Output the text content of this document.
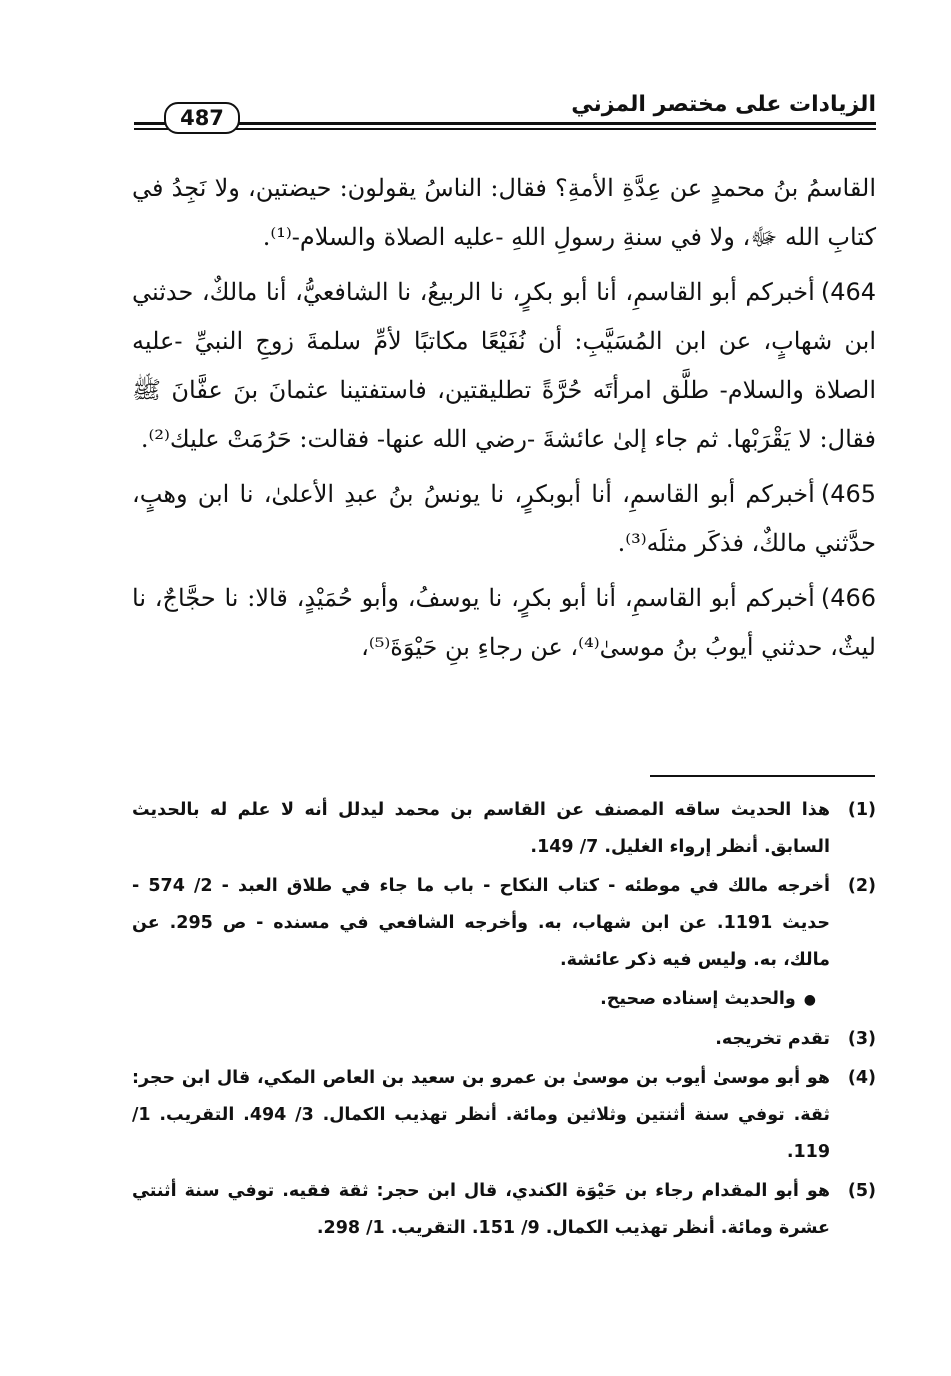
الزيادات على مختصر المزني
487

القاسمُ بنُ محمدٍ عن عِدَّةِ الأمةِ؟ فقال: الناسُ يقولون: حيضتين، ولا نَجِدُ في كتابِ الله ﷻ، ولا في سنةِ رسولِ اللهِ -عليه الصلاة والسلام-⁽¹⁾.

464)أخبركم أبو القاسمِ، أنا أبو بكرٍ، نا الربيعُ، نا الشافعيُّ، أنا مالكٌ، حدثني ابن شهابٍ، عن ابن المُسَيَّبِ: أن نُفَيْعًا مكاتبًا لأمِّ سلمةَ زوجِ النبيِّ -عليه الصلاة والسلام- طلَّق امرأتَه حُرَّةً تطليقتين، فاستفتينا عثمانَ بنَ عفَّانَ ﷺ فقال: لا يَقْرَبْها. ثم جاء إلىٰ عائشةَ -رضي الله عنها- فقالت: حَرُمَتْ عليك⁽²⁾.

465)أخبركم أبو القاسمِ، أنا أبوبكرٍ، نا يونسُ بنُ عبدِ الأعلىٰ، نا ابن وهبٍ، حدَّثني مالكٌ، فذكَر مثلَه⁽³⁾.

466)أخبركم أبو القاسمِ، أنا أبو بكرٍ، نا يوسفُ، وأبو حُمَيْدٍ، قالا: نا حجَّاجٌ، نا ليثٌ، حدثني أيوبُ بنُ موسىٰ⁽⁴⁾، عن رجاءِ بنِ حَيْوَةَ⁽⁵⁾،

(1)
هذا الحديث ساقه المصنف عن القاسم بن محمد ليدلل أنه لا علم له بالحديث السابق. أنظر إرواء الغليل. 7/ 149.
(2)
أخرجه مالك في موطئه - كتاب النكاح - باب ما جاء في طلاق العبد - 2/ 574 - حديث 1191. عن ابن شهاب، به. وأخرجه الشافعي في مسنده - ص 295. عن مالك، به. وليس فيه ذكر عائشة.
●والحديث إسناده صحيح.
(3)
تقدم تخريجه.
(4)
هو أبو موسىٰ أيوب بن موسىٰ بن عمرو بن سعيد بن العاص المكي، قال ابن حجر: ثقة. توفي سنة أثنتين وثلاثين ومائة. أنظر تهذيب الكمال. 3/ 494. التقريب. 1/ 119.
(5)
هو أبو المقدام رجاء بن حَيْوَة الكندي، قال ابن حجر: ثقة فقيه. توفي سنة أثنتي عشرة ومائة. أنظر تهذيب الكمال. 9/ 151. التقريب. 1/ 298.
